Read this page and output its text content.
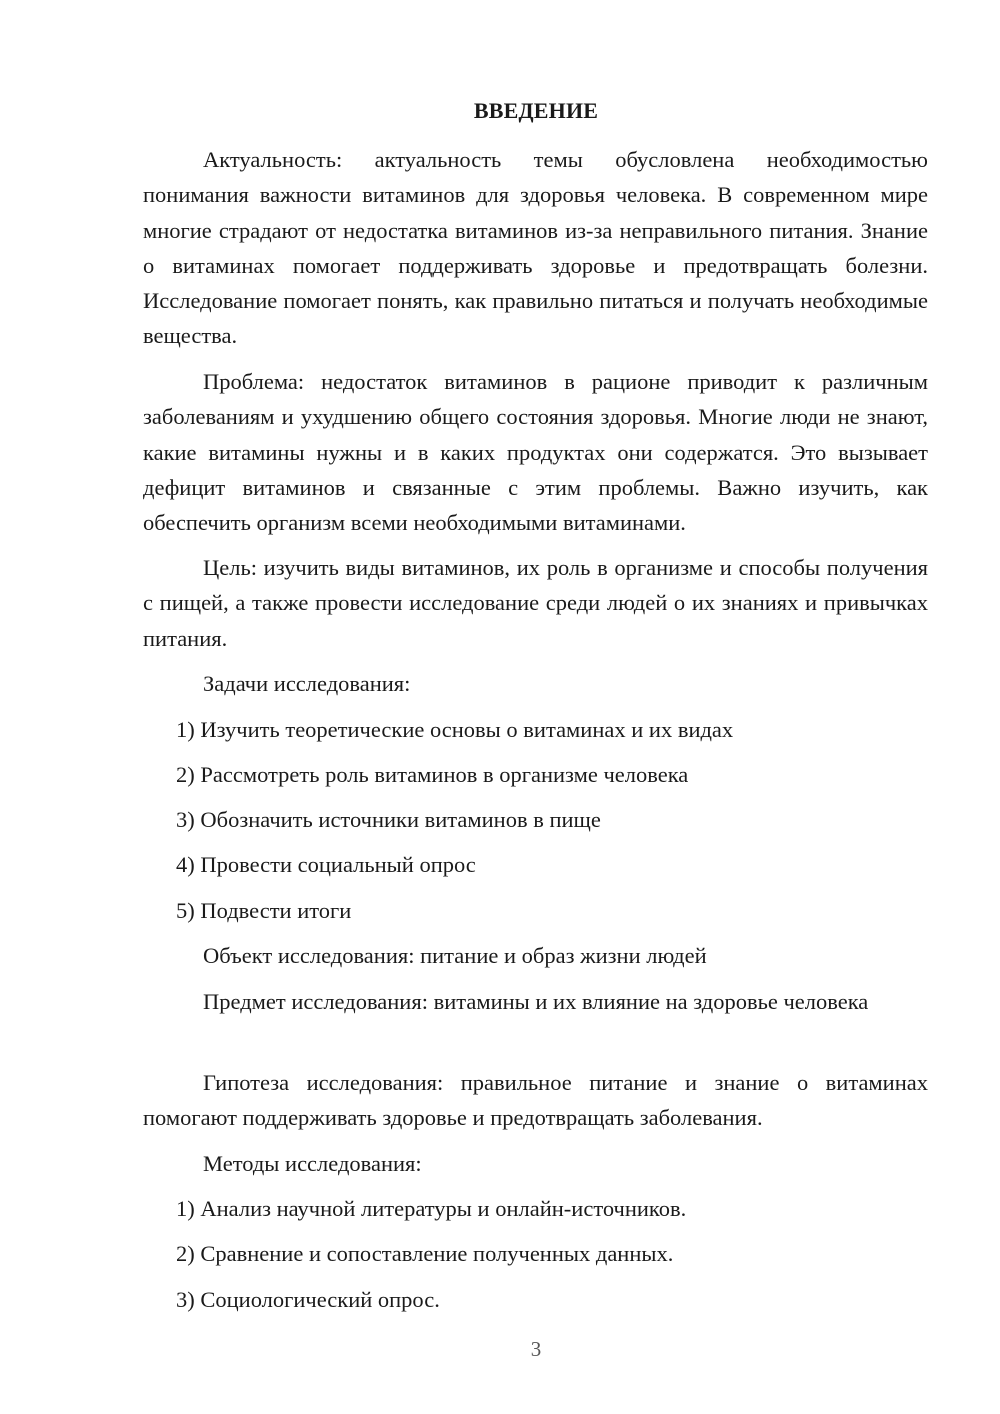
ВВЕДЕНИЕ
Актуальность: актуальность темы обусловлена необходимостью понимания важности витаминов для здоровья человека. В современном мире многие страдают от недостатка витаминов из-за неправильного питания. Знание о витаминах помогает поддерживать здоровье и предотвращать болезни. Исследование помогает понять, как правильно питаться и получать необходимые вещества.
Проблема: недостаток витаминов в рационе приводит к различным заболеваниям и ухудшению общего состояния здоровья. Многие люди не знают, какие витамины нужны и в каких продуктах они содержатся. Это вызывает дефицит витаминов и связанные с этим проблемы. Важно изучить, как обеспечить организм всеми необходимыми витаминами.
Цель: изучить виды витаминов, их роль в организме и способы получения с пищей, а также провести исследование среди людей о их знаниях и привычках питания.
Задачи исследования:
1) Изучить теоретические основы о витаминах и их видах
2) Рассмотреть роль витаминов в организме человека
3) Обозначить источники витаминов в пище
4) Провести социальный опрос
5) Подвести итоги
Объект исследования: питание и образ жизни людей
Предмет исследования: витамины и их влияние на здоровье человека
Гипотеза исследования: правильное питание и знание о витаминах помогают поддерживать здоровье и предотвращать заболевания.
Методы исследования:
1) Анализ научной литературы и онлайн-источников.
2) Сравнение и сопоставление полученных данных.
3) Социологический опрос.
3
